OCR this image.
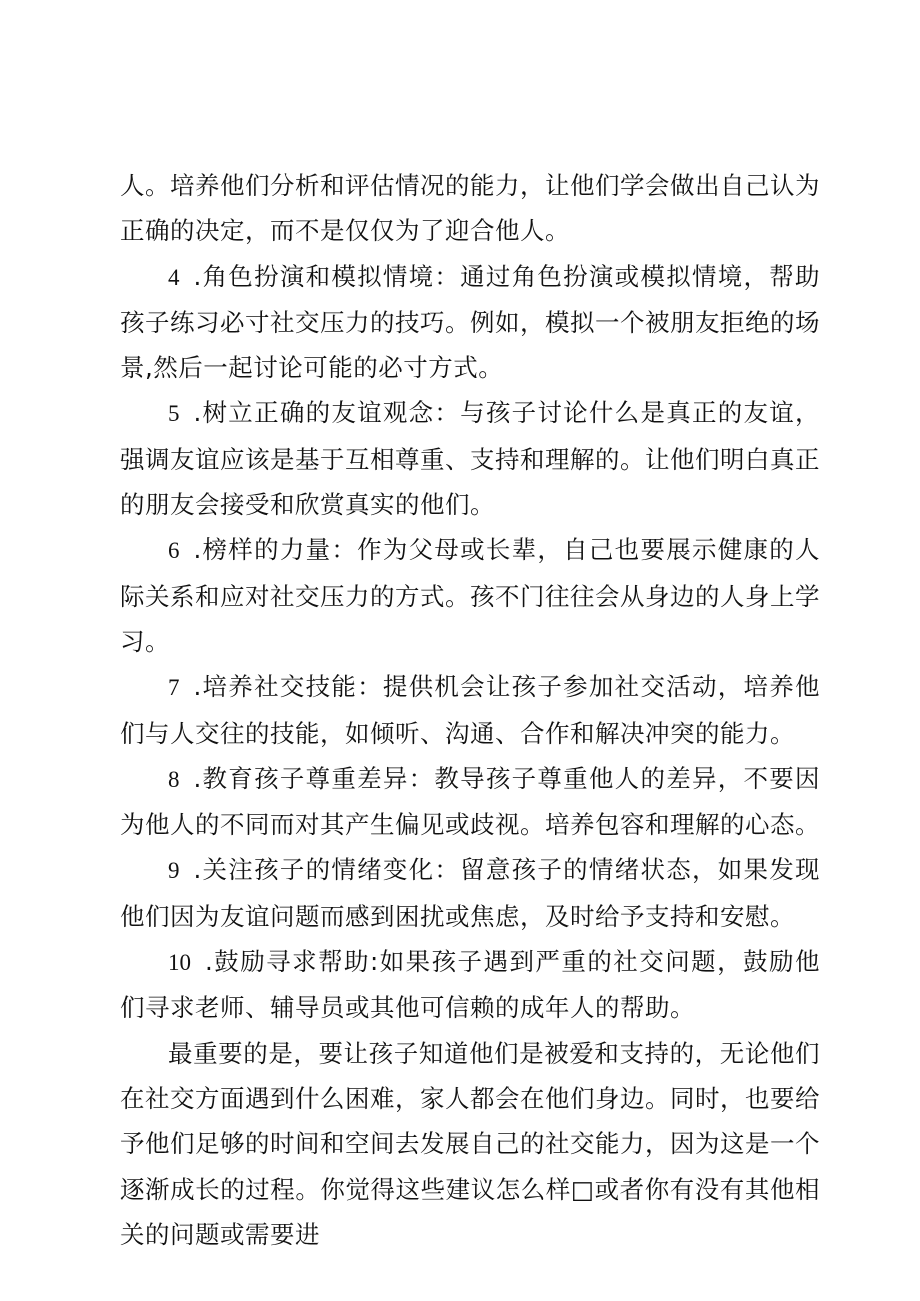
人。培养他们分析和评估情况的能力，让他们学会做出自己认为正确的决定，而不是仅仅为了迎合他人。

4 .角色扮演和模拟情境：通过角色扮演或模拟情境，帮助孩子练习必寸社交压力的技巧。例如，模拟一个被朋友拒绝的场景,然后一起讨论可能的必寸方式。

5 .树立正确的友谊观念：与孩子讨论什么是真正的友谊，强调友谊应该是基于互相尊重、支持和理解的。让他们明白真正的朋友会接受和欣赏真实的他们。

6 .榜样的力量：作为父母或长辈，自己也要展示健康的人际关系和应对社交压力的方式。孩不门往往会从身边的人身上学习。

7 .培养社交技能：提供机会让孩子参加社交活动，培养他们与人交往的技能，如倾听、沟通、合作和解决冲突的能力。

8 .教育孩子尊重差异：教导孩子尊重他人的差异，不要因为他人的不同而对其产生偏见或歧视。培养包容和理解的心态。

9 .关注孩子的情绪变化：留意孩子的情绪状态，如果发现他们因为友谊问题而感到困扰或焦虑，及时给予支持和安慰。

10 .鼓励寻求帮助:如果孩子遇到严重的社交问题，鼓励他们寻求老师、辅导员或其他可信赖的成年人的帮助。

最重要的是，要让孩子知道他们是被爱和支持的，无论他们在社交方面遇到什么困难，家人都会在他们身边。同时，也要给予他们足够的时间和空间去发展自己的社交能力，因为这是一个逐渐成长的过程。你觉得这些建议怎么样□或者你有没有其他相关的问题或需要进
